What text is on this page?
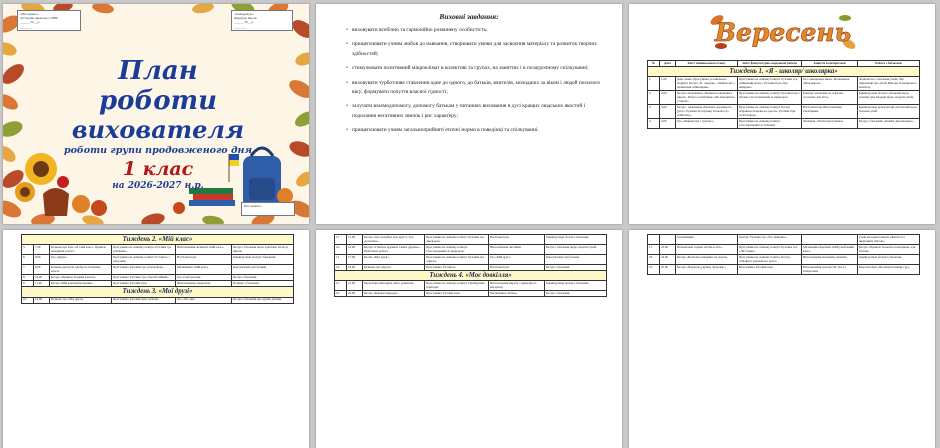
«Погоджено»
Заступник директора з НВР
______ 20__ р.
________
«Затверджую»
Директор школи
______ 20__ р.
________
План роботи
вихователя
роботи групи продовженого дня
1 клас
на 2026-2027 н.р.
Погоджено:
Виховні завдання:
• виховувати всебічно та гармонійно розвинену особистість;
• прищеплювати учням любов до навчання, створювати умови для засвоєння матеріалу та розвиток творчих здібностей;
• стимулювати позитивний мікроклімат в колективі та групах, на заняттях і в позаурочному спілкуванні;
• виховувати турботливе ставлення одне до одного, до батьків, вчителів, молодших за віком і людей похилого віку; формувати почуття власної гідності;
• залучати взаємодопомогу, допомогу батькам у питаннях виховання в дусі кращих людських якостей і подолання негативних звичок і рис характеру;
• прищеплювати учням загальноприйняті етичні норми в поведінці та спілкуванні.
Вересень
№	Дата	Зміст пізнавального блоку	Зміст фізкультурно-оздоровчої роботи	Заняття за інтересами	Робота з батьками
Тиждень 1. «Я - школяр/ школярка»					
1.	1.09	День знань. Прогулянка до шкільного подвір'я. Бесіда «Я - школяр». Знайомство з правилами «Школярик».	Прогулянка на свіжому повітрі. Рухлива гра «Швидкий потяг». Рухливі ігри «Хто швидше».	Гра «Ланцюжок імен». Малювання «Моя школа».	Знайомство з батьками учнів, збір інформації про дітей. Вибори батьківського комітету.
2.	2.09	Бесіда-спілкування «Правила поведінки в школі». Робота з пам'яткою «Як поводитись у школі».	Прогулянка на свіжому повітрі. Рухливі ігри з м'ячем. Спостереження за природою.	Конкурс малюнків на асфальті «Сонечко для літа».	Індивідуальні бесіди з батьками щодо режиму дня. Поради щодо здоров'я дітей.
3.	3.09	Бесіда - практикум «Правила дорожнього руху». Руханка під музику. Рольова гра «Пішохід».	Прогулянка на свіжому повітрі. Бесіда «Правила безпеки на дорозі». Рухливі ігри «Світлофор».	Настільні ігри. Виготовлення закладинки.	Індивідуальні консультації для батьків щодо безпеки дітей.
4.	4.09	Гра «Знайомство з групою».	Прогулянка на свіжому повітрі. Спостереження за птахами.	Ліплення «Улюблена іграшка».	Бесіда з батьками: «Режим дня школяра».
Тиждень 2. «Мій клас»					
5.	7.09	Розмова про клас «Я і мій клас». Правила поведінки в класі.	Прогулянка на свіжому повітрі. Рухлива гра «Пташки».	Виготовлення аплікації «Мій клас».	Бесіда з батьками щодо адаптації дітей до школи.
6.	8.09	Гра «Друзі».	Прогулянка на свіжому повітрі. Естафета з обручами.	Настільні ігри.	Індивідуальні бесіди з батьками.
7.	9.09	Розмова-дискусія «Доброта в нашому класі».	Прогулянка. Рухлива гра «Світлофор».	Малювання «Мій клас».	Консультація для батьків.
8.	10.09	Бесіда «Правила безпеки в класі».	Прогулянка. Рухлива гра «Третій зайвий».	Гра за інтересами.	Бесіда з батьками.
9.	11.09	Бесіда «Мій класний колектив».	Прогулянка. Рухливі ігри.	Виготовлення саморобок.	Розмова з батьками.
Тиждень 3. «Мої друзі»					
10.	14.09	Розмова-гра «Мої друзі».	Прогулянка. Рухливі ігри з м'ячем.	Гра «Хто ми».	Бесіда з батьками про друзів дитини.
11.	15.09	Бесіда «Хто потрібен нам друг?». Гра «Сонечко».	Прогулянка на свіжому повітрі. Рухлива гра «Кольори».	Настільні ігри.	Індивідуальні бесіди з батьками.
12.	16.09	Бесіда «Учитися дружити і жити дружно». Практична робота.	Прогулянка на свіжому повітрі. Спостереження за природою.	Виготовлення листівки.	Бесіда з батьками щодо здоров'я дітей.
13.	17.09	Бесіда «Мої друзі».	Прогулянка на свіжому повітрі. Рухлива гра «Друзі».	Гра «Мій друг».	Консультація для батьків.
14.	18.09	Розмова-гра «Друзі».	Прогулянка. Естафета.	Настільні ігри.	Бесіда з батьками.
Тиждень 4. «Моє довкілля»					
15.	21.09	Екологічна вікторина «Моє довкілля».	Прогулянка на свіжому повітрі. Прибирання території.	Виготовлення виробу з природного матеріалу.	Індивідуальні бесіди з батьками.
16.	22.09	Бесіда «Бережи природу».	Прогулянка. Рухливі ігри.	Малювання «Осінь».	Бесіда з батьками.
		батьківщини	повітрі. Рухлива гра «Хто швидше».		учнів молодшої школи «Життя без шкідливих звичок».
17.	23.09	Пізнавальна година «Осінь в лісі».	Прогулянка на свіжому повітрі. Рухлива гра «Листочки».	Малювання фарбами «Мій улюблений клас».	Бесіда «Правила безпечної поведінки» для батьків.
18.	24.09	Бесіда «Безпечна поведінка на дорозі».	Прогулянка на свіжому повітрі. Бесіда «Правила дорожнього руху».	Виготовлення малюнків-плакатів.	Індивідуальні бесіди з батьками.
19.	25.09	Бесіда «Подорож у країну Здоров'я».	Прогулянка. Рухливі ігри.	Виготовлення гри-жестів. Гра за інтересами.	Консультація «Як обирати цікаву гру».
